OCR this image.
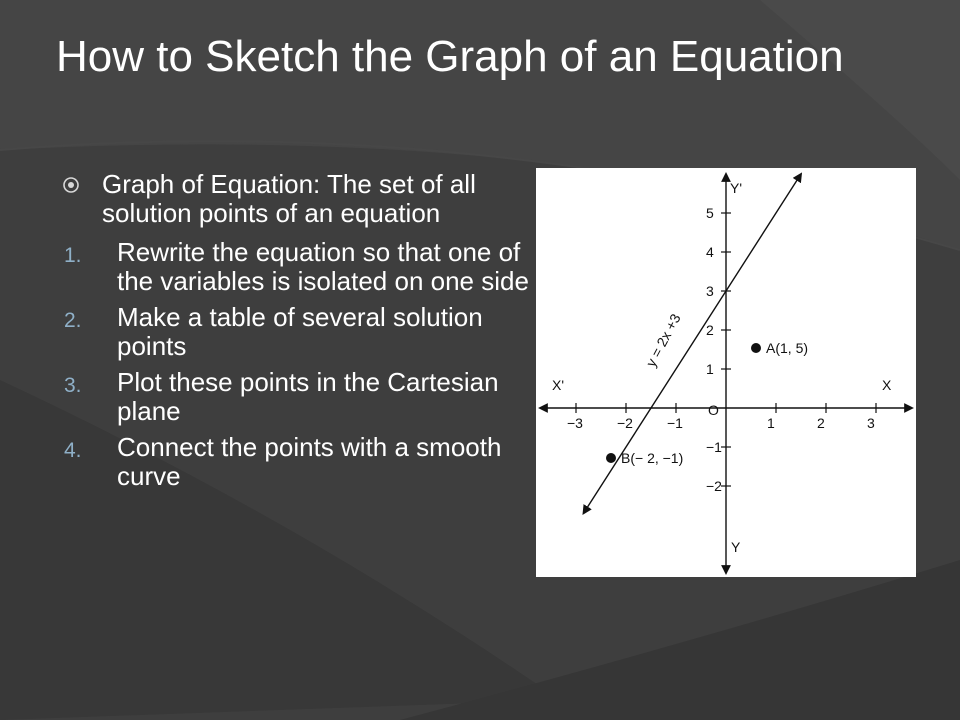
How to Sketch the Graph of an Equation
Graph of Equation: The set of all solution points of an equation
1. Rewrite the equation so that one of the variables is isolated on one side
2. Make a table of several solution points
3. Plot these points in the Cartesian plane
4. Connect the points with a smooth curve
−3 −2 −1	1	2	3
5
4
3
2
1
−1
−2
X
X'
Y'
Y
O
y = 2x +3	A(1, 5)
B(− 2, −1)
